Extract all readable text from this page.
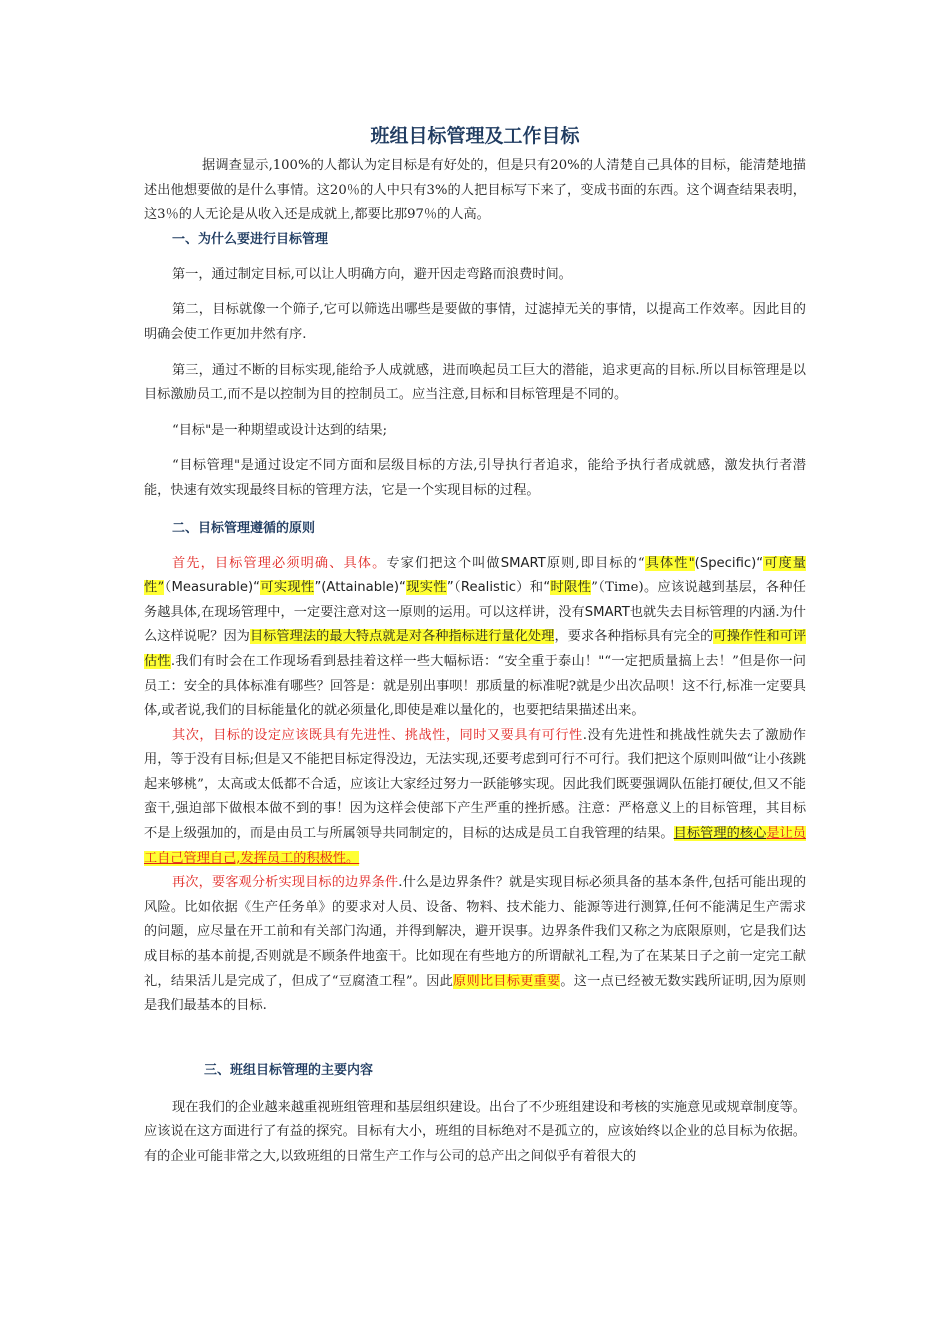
班组目标管理及工作目标

据调查显示,100%的人都认为定目标是有好处的，但是只有20%的人清楚自己具体的目标，能清楚地描述出他想要做的是什么事情。这20％的人中只有3%的人把目标写下来了，变成书面的东西。这个调查结果表明，这3％的人无论是从收入还是成就上,都要比那97％的人高。

一、为什么要进行目标管理

第一，通过制定目标,可以让人明确方向，避开因走弯路而浪费时间。

第二，目标就像一个筛子,它可以筛选出哪些是要做的事情，过滤掉无关的事情，以提高工作效率。因此目的明确会使工作更加井然有序.

第三，通过不断的目标实现,能给予人成就感，进而唤起员工巨大的潜能，追求更高的目标.所以目标管理是以目标激励员工,而不是以控制为目的控制员工。应当注意,目标和目标管理是不同的。

“目标"是一种期望或设计达到的结果;

“目标管理"是通过设定不同方面和层级目标的方法,引导执行者追求，能给予执行者成就感，激发执行者潜能，快速有效实现最终目标的管理方法，它是一个实现目标的过程。

二、目标管理遵循的原则

首先，目标管理必须明确、具体。专家们把这个叫做SMART原则,即目标的“具体性"(Specific)“可度量性”（Measurable)“可实现性”(Attainable)“现实性”（Realistic）和“时限性”（Time)。应该说越到基层，各种任务越具体,在现场管理中，一定要注意对这一原则的运用。可以这样讲，没有SMART也就失去目标管理的内涵.为什么这样说呢？因为目标管理法的最大特点就是对各种指标进行量化处理，要求各种指标具有完全的可操作性和可评估性.我们有时会在工作现场看到悬挂着这样一些大幅标语：“安全重于泰山！"“一定把质量搞上去！”但是你一问员工：安全的具体标准有哪些？回答是：就是别出事呗！那质量的标准呢?就是少出次品呗！这不行,标准一定要具体,或者说,我们的目标能量化的就必须量化,即使是难以量化的，也要把结果描述出来。

其次，目标的设定应该既具有先进性、挑战性，同时又要具有可行性.没有先进性和挑战性就失去了激励作用，等于没有目标;但是又不能把目标定得没边，无法实现,还要考虑到可行不可行。我们把这个原则叫做“让小孩跳起来够桃”，太高或太低都不合适，应该让大家经过努力一跃能够实现。因此我们既要强调队伍能打硬仗,但又不能蛮干,强迫部下做根本做不到的事！因为这样会使部下产生严重的挫折感。注意：严格意义上的目标管理，其目标不是上级强加的，而是由员工与所属领导共同制定的，目标的达成是员工自我管理的结果。目标管理的核心是让员工自己管理自己,发挥员工的积极性。

再次，要客观分析实现目标的边界条件.什么是边界条件？就是实现目标必须具备的基本条件,包括可能出现的风险。比如依据《生产任务单》的要求对人员、设备、物料、技术能力、能源等进行测算,任何不能满足生产需求的问题，应尽量在开工前和有关部门沟通，并得到解决，避开误事。边界条件我们又称之为底限原则，它是我们达成目标的基本前提,否则就是不顾条件地蛮干。比如现在有些地方的所谓献礼工程,为了在某某日子之前一定完工献礼，结果活儿是完成了，但成了“豆腐渣工程”。因此原则比目标更重要。这一点已经被无数实践所证明,因为原则是我们最基本的目标.

三、班组目标管理的主要内容

现在我们的企业越来越重视班组管理和基层组织建设。出台了不少班组建设和考核的实施意见或规章制度等。应该说在这方面进行了有益的探究。目标有大小，班组的目标绝对不是孤立的，应该始终以企业的总目标为依据。有的企业可能非常之大,以致班组的日常生产工作与公司的总产出之间似乎有着很大的
